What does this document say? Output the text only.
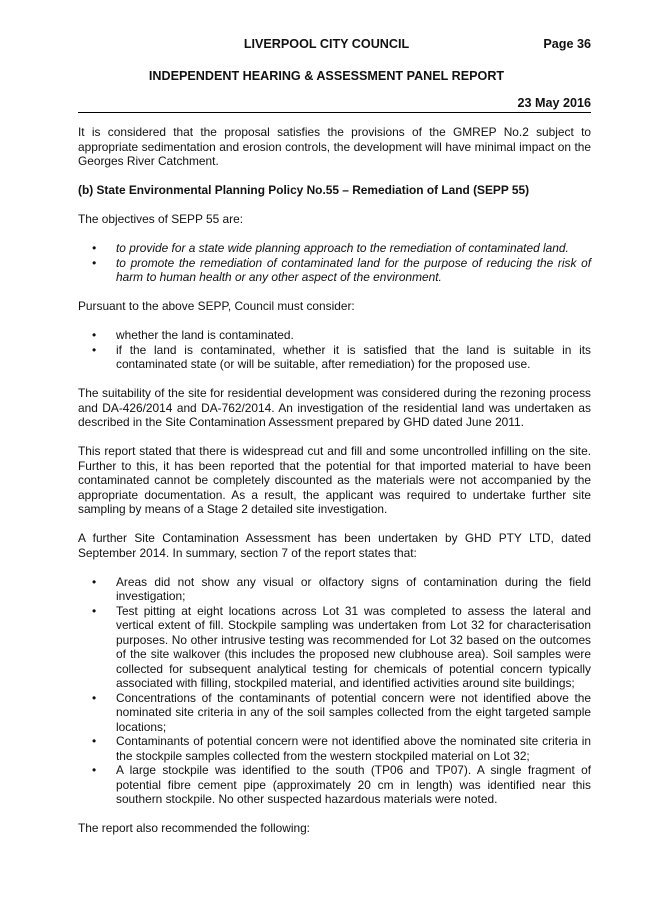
LIVERPOOL CITY COUNCIL	Page 36
INDEPENDENT HEARING & ASSESSMENT PANEL REPORT
23 May 2016

It is considered that the proposal satisfies the provisions of the GMREP No.2 subject to appropriate sedimentation and erosion controls, the development will have minimal impact on the Georges River Catchment.

(b) State Environmental Planning Policy No.55 – Remediation of Land (SEPP 55)

The objectives of SEPP 55 are:

• to provide for a state wide planning approach to the remediation of contaminated land.
• to promote the remediation of contaminated land for the purpose of reducing the risk of harm to human health or any other aspect of the environment.

Pursuant to the above SEPP, Council must consider:

• whether the land is contaminated.
• if the land is contaminated, whether it is satisfied that the land is suitable in its contaminated state (or will be suitable, after remediation) for the proposed use.

The suitability of the site for residential development was considered during the rezoning process and DA-426/2014 and DA-762/2014. An investigation of the residential land was undertaken as described in the Site Contamination Assessment prepared by GHD dated June 2011.

This report stated that there is widespread cut and fill and some uncontrolled infilling on the site. Further to this, it has been reported that the potential for that imported material to have been contaminated cannot be completely discounted as the materials were not accompanied by the appropriate documentation. As a result, the applicant was required to undertake further site sampling by means of a Stage 2 detailed site investigation.

A further Site Contamination Assessment has been undertaken by GHD PTY LTD, dated September 2014. In summary, section 7 of the report states that:

• Areas did not show any visual or olfactory signs of contamination during the field investigation;
• Test pitting at eight locations across Lot 31 was completed to assess the lateral and vertical extent of fill. Stockpile sampling was undertaken from Lot 32 for characterisation purposes. No other intrusive testing was recommended for Lot 32 based on the outcomes of the site walkover (this includes the proposed new clubhouse area). Soil samples were collected for subsequent analytical testing for chemicals of potential concern typically associated with filling, stockpiled material, and identified activities around site buildings;
• Concentrations of the contaminants of potential concern were not identified above the nominated site criteria in any of the soil samples collected from the eight targeted sample locations;
• Contaminants of potential concern were not identified above the nominated site criteria in the stockpile samples collected from the western stockpiled material on Lot 32;
• A large stockpile was identified to the south (TP06 and TP07). A single fragment of potential fibre cement pipe (approximately 20 cm in length) was identified near this southern stockpile. No other suspected hazardous materials were noted.

The report also recommended the following:
